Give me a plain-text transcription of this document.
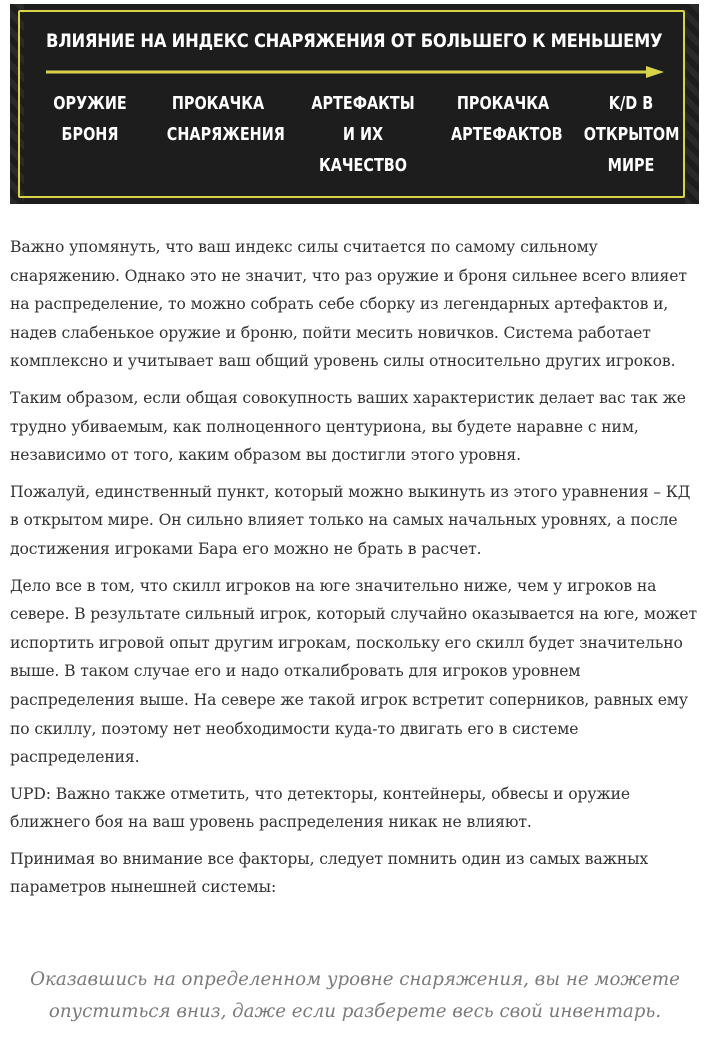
ВЛИЯНИЕ НА ИНДЕКС СНАРЯЖЕНИЯ ОТ БОЛЬШЕГО К МЕНЬШЕМУ
ОРУЖИЕ
БРОНЯ
ПРОКАЧКА
СНАРЯЖЕНИЯ
АРТЕФАКТЫ
И ИХ
КАЧЕСТВО
ПРОКАЧКА
АРТЕФАКТОВ
K/D В
ОТКРЫТОМ
МИРЕ

Важно упомянуть, что ваш индекс силы считается по самому сильному снаряжению. Однако это не значит, что раз оружие и броня сильнее всего влияет на распределение, то можно собрать себе сборку из легендарных артефактов и, надев слабенькое оружие и броню, пойти месить новичков. Система работает комплексно и учитывает ваш общий уровень силы относительно других игроков.

Таким образом, если общая совокупность ваших характеристик делает вас так же трудно убиваемым, как полноценного центуриона, вы будете наравне с ним, независимо от того, каким образом вы достигли этого уровня.

Пожалуй, единственный пункт, который можно выкинуть из этого уравнения – КД в открытом мире. Он сильно влияет только на самых начальных уровнях, а после достижения игроками Бара его можно не брать в расчет.

Дело все в том, что скилл игроков на юге значительно ниже, чем у игроков на севере. В результате сильный игрок, который случайно оказывается на юге, может испортить игровой опыт другим игрокам, поскольку его скилл будет значительно выше. В таком случае его и надо откалибровать для игроков уровнем распределения выше. На севере же такой игрок встретит соперников, равных ему по скиллу, поэтому нет необходимости куда-то двигать его в системе распределения.

UPD: Важно также отметить, что детекторы, контейнеры, обвесы и оружие ближнего боя на ваш уровень распределения никак не влияют.

Принимая во внимание все факторы, следует помнить один из самых важных параметров нынешней системы:

Оказавшись на определенном уровне снаряжения, вы не можете опуститься вниз, даже если разберете весь свой инвентарь.
